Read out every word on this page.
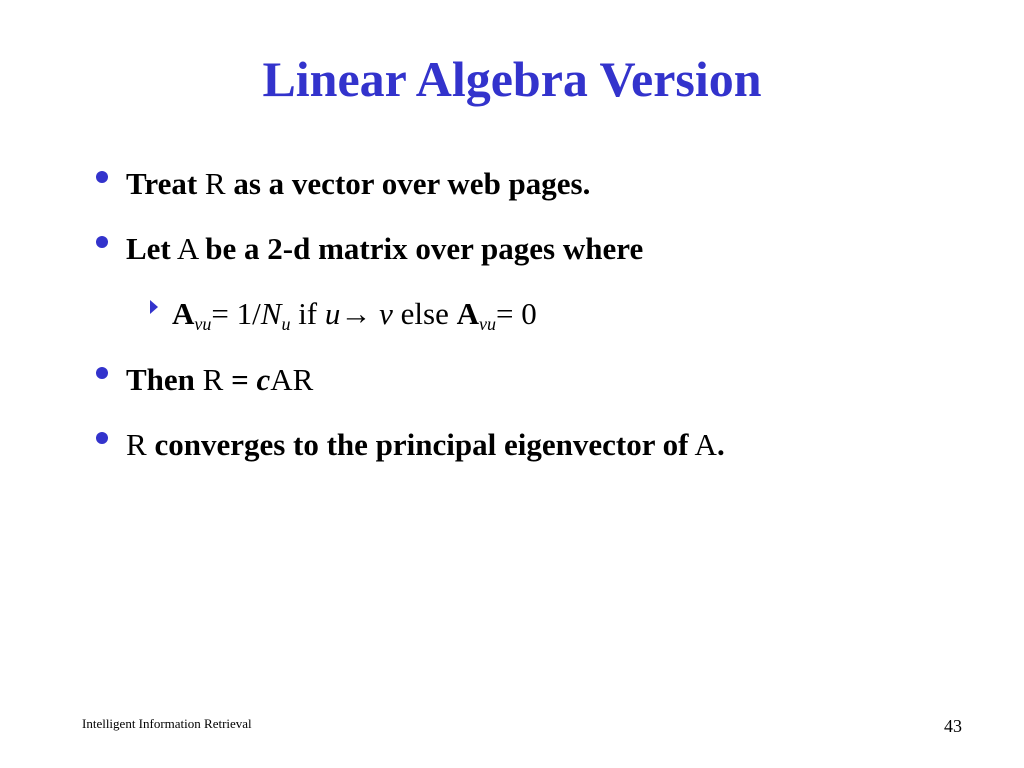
Linear Algebra Version
Treat R as a vector over web pages.
Let A be a 2-d matrix over pages where
$A_{vu}= 1/N_u$ if u→ v else $A_{vu}= 0$
Then R = cAR
R converges to the principal eigenvector of A.
Intelligent Information Retrieval	43
